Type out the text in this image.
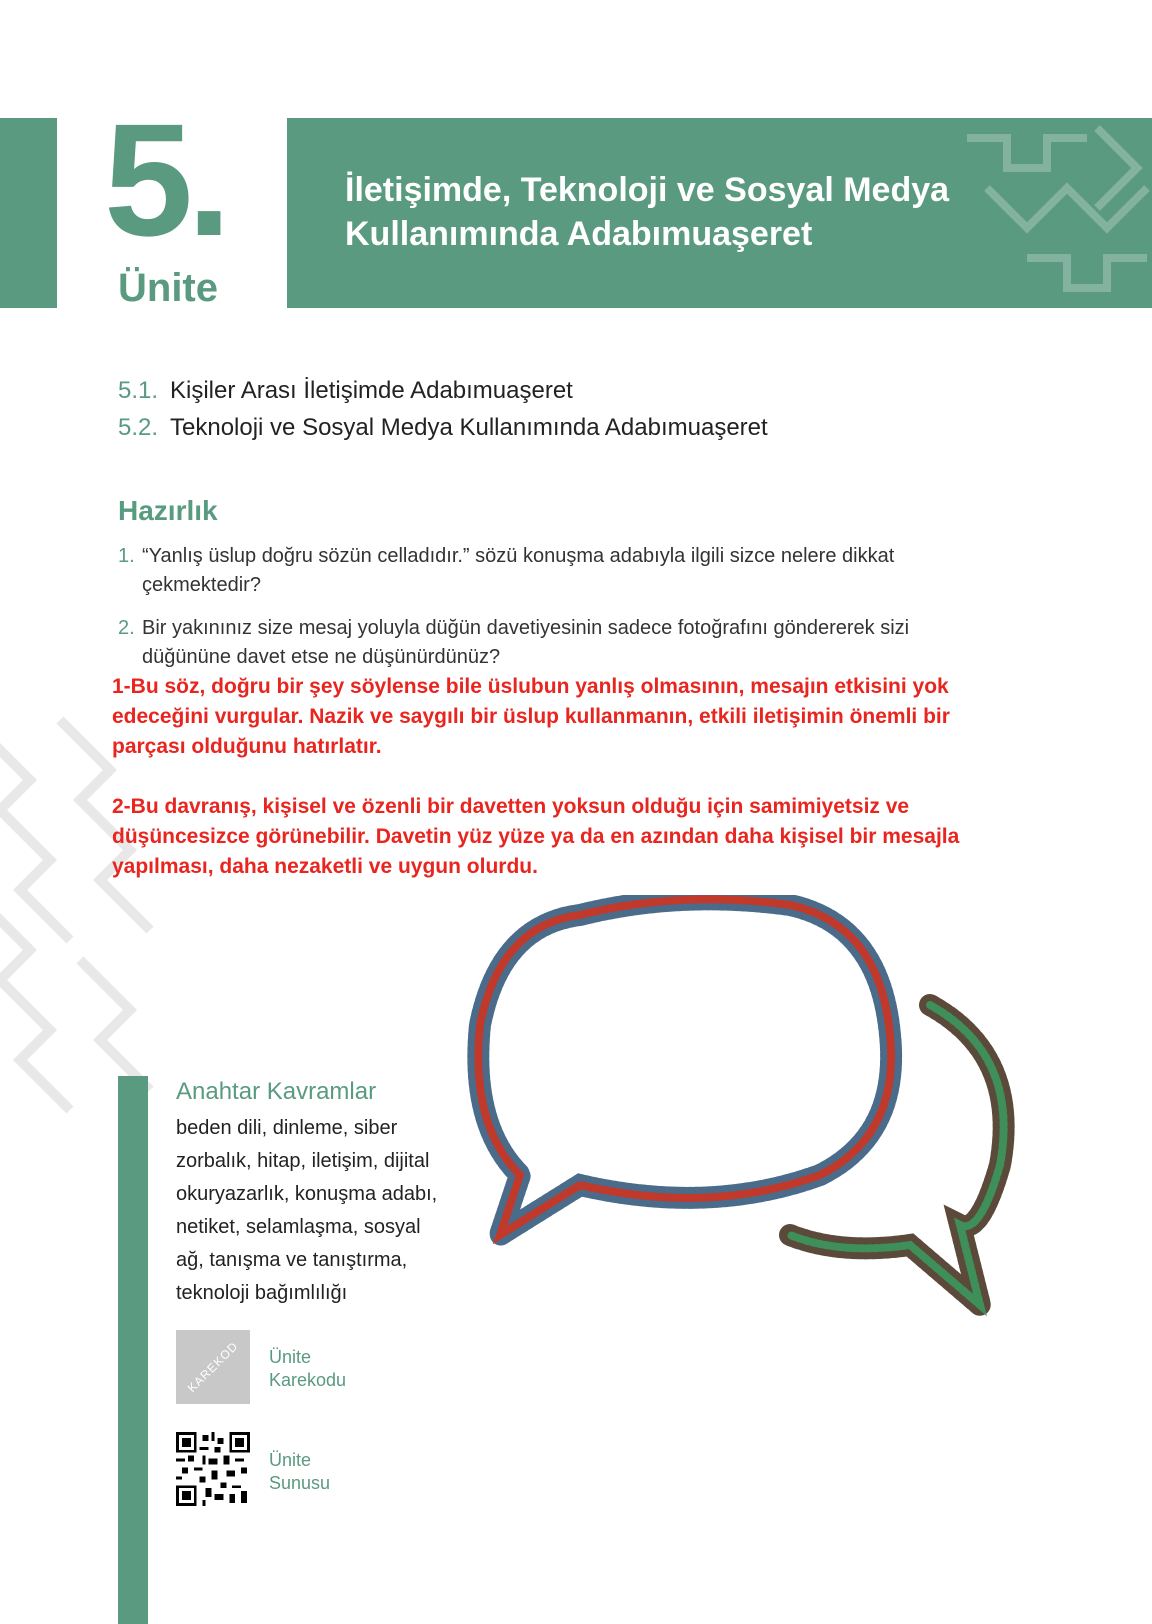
5.
Ünite
İletişimde, Teknoloji ve Sosyal Medya
Kullanımında Adabımuaşeret
5.1. Kişiler Arası İletişimde Adabımuaşeret
5.2. Teknoloji ve Sosyal Medya Kullanımında Adabımuaşeret
Hazırlık
1. “Yanlış üslup doğru sözün celladıdır.” sözü konuşma adabıyla ilgili sizce nelere dikkat
çekmektedir?
2. Bir yakınınız size mesaj yoluyla düğün davetiyesinin sadece fotoğrafını göndererek sizi
düğününe davet etse ne düşünürdünüz?
1-Bu söz, doğru bir şey söylense bile üslubun yanlış olmasının, mesajın etkisini yok
edeceğini vurgular. Nazik ve saygılı bir üslup kullanmanın, etkili iletişimin önemli bir
parçası olduğunu hatırlatır.
2-Bu davranış, kişisel ve özenli bir davetten yoksun olduğu için samimiyetsiz ve
düşüncesizce görünebilir. Davetin yüz yüze ya da en azından daha kişisel bir mesajla
yapılması, daha nezaketli ve uygun olurdu.
Anahtar Kavramlar
beden dili, dinleme, siber
zorbalık, hitap, iletişim, dijital
okuryazarlık, konuşma adabı,
netiket, selamlaşma, sosyal
ağ, tanışma ve tanıştırma,
teknoloji bağımlılığı
KAREKOD Ünite
Karekodu
Ünite
Sunusu
